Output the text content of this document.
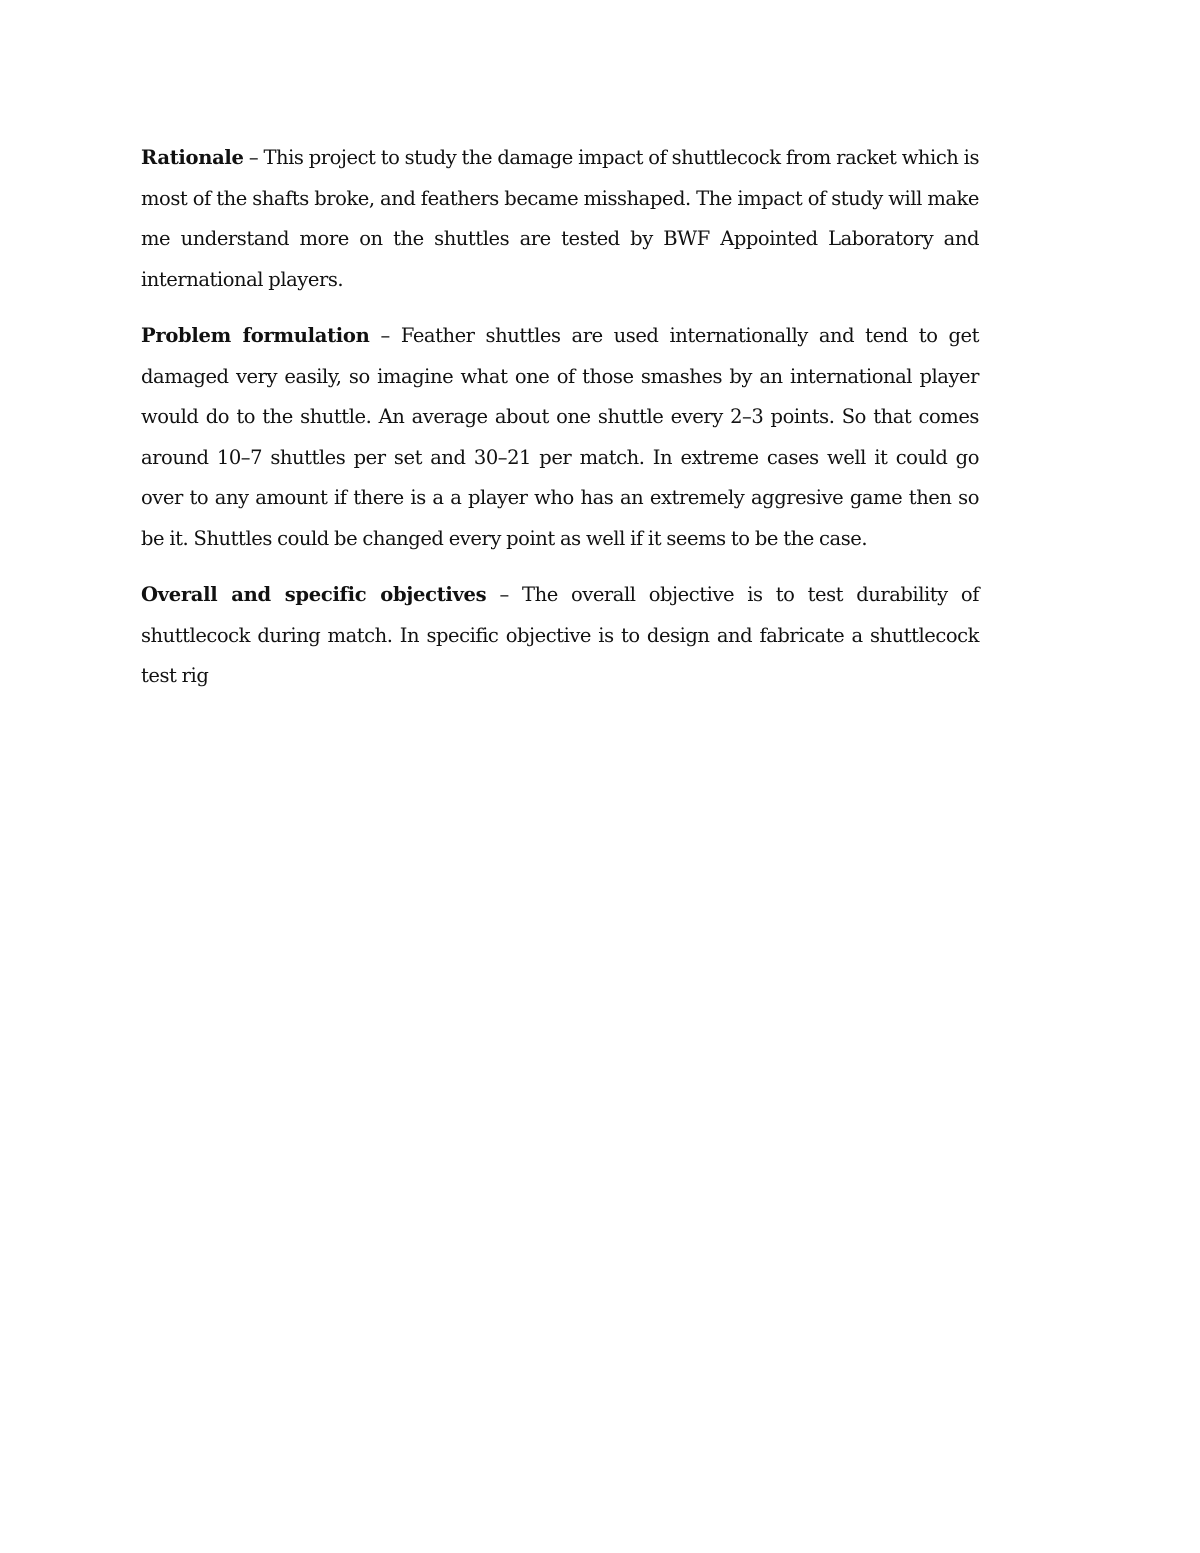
Rationale – This project to study the damage impact of shuttlecock from racket which is most of the shafts broke, and feathers became misshaped. The impact of study will make me understand more on the shuttles are tested by BWF Appointed Laboratory and international players.

Problem formulation – Feather shuttles are used internationally and tend to get damaged very easily, so imagine what one of those smashes by an international player would do to the shuttle. An average about one shuttle every 2–3 points. So that comes around 10–7 shuttles per set and 30–21 per match. In extreme cases well it could go over to any amount if there is a a player who has an extremely aggresive game then so be it. Shuttles could be changed every point as well if it seems to be the case.

Overall and specific objectives – The overall objective is to test durability of shuttlecock during match. In specific objective is to design and fabricate a shuttlecock test rig
